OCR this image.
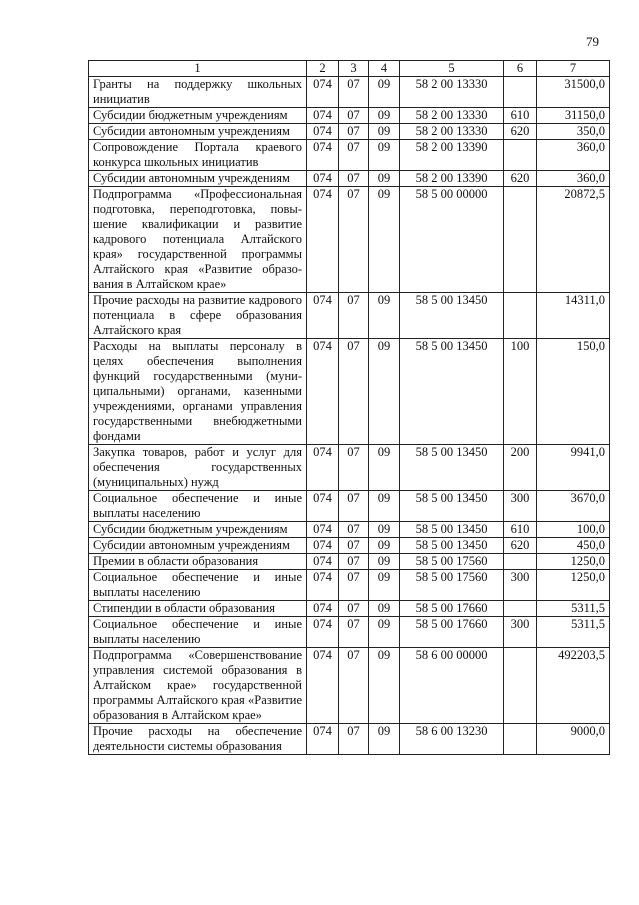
79
1	2	3	4	5	6	7
Гранты на поддержку школьных инициатив	074	07	09	58 2 00 13330		31500,0
Субсидии бюджетным учреждениям	074	07	09	58 2 00 13330	610	31150,0
Субсидии автономным учреждениям	074	07	09	58 2 00 13330	620	350,0
Сопровождение Портала краевого конкурса школьных инициатив	074	07	09	58 2 00 13390		360,0
Субсидии автономным учреждениям	074	07	09	58 2 00 13390	620	360,0
Подпрограмма «Профессиональная подготовка, переподготовка, повышение квалификации и развитие кадрового потенциала Алтайского края» государственной программы Алтайского края «Развитие образования в Алтайском крае»	074	07	09	58 5 00 00000		20872,5
Прочие расходы на развитие кадрового потенциала в сфере образования Алтайского края	074	07	09	58 5 00 13450		14311,0
Расходы на выплаты персоналу в целях обеспечения выполнения функций государственными (муниципальными) органами, казенными учреждениями, органами управления государственными внебюджетными фондами	074	07	09	58 5 00 13450	100	150,0
Закупка товаров, работ и услуг для обеспечения государственных (муниципальных) нужд	074	07	09	58 5 00 13450	200	9941,0
Социальное обеспечение и иные выплаты населению	074	07	09	58 5 00 13450	300	3670,0
Субсидии бюджетным учреждениям	074	07	09	58 5 00 13450	610	100,0
Субсидии автономным учреждениям	074	07	09	58 5 00 13450	620	450,0
Премии в области образования	074	07	09	58 5 00 17560		1250,0
Социальное обеспечение и иные выплаты населению	074	07	09	58 5 00 17560	300	1250,0
Стипендии в области образования	074	07	09	58 5 00 17660		5311,5
Социальное обеспечение и иные выплаты населению	074	07	09	58 5 00 17660	300	5311,5
Подпрограмма «Совершенствование управления системой образования в Алтайском крае» государственной программы Алтайского края «Развитие образования в Алтайском крае»	074	07	09	58 6 00 00000		492203,5
Прочие расходы на обеспечение деятельности системы образования	074	07	09	58 6 00 13230		9000,0
